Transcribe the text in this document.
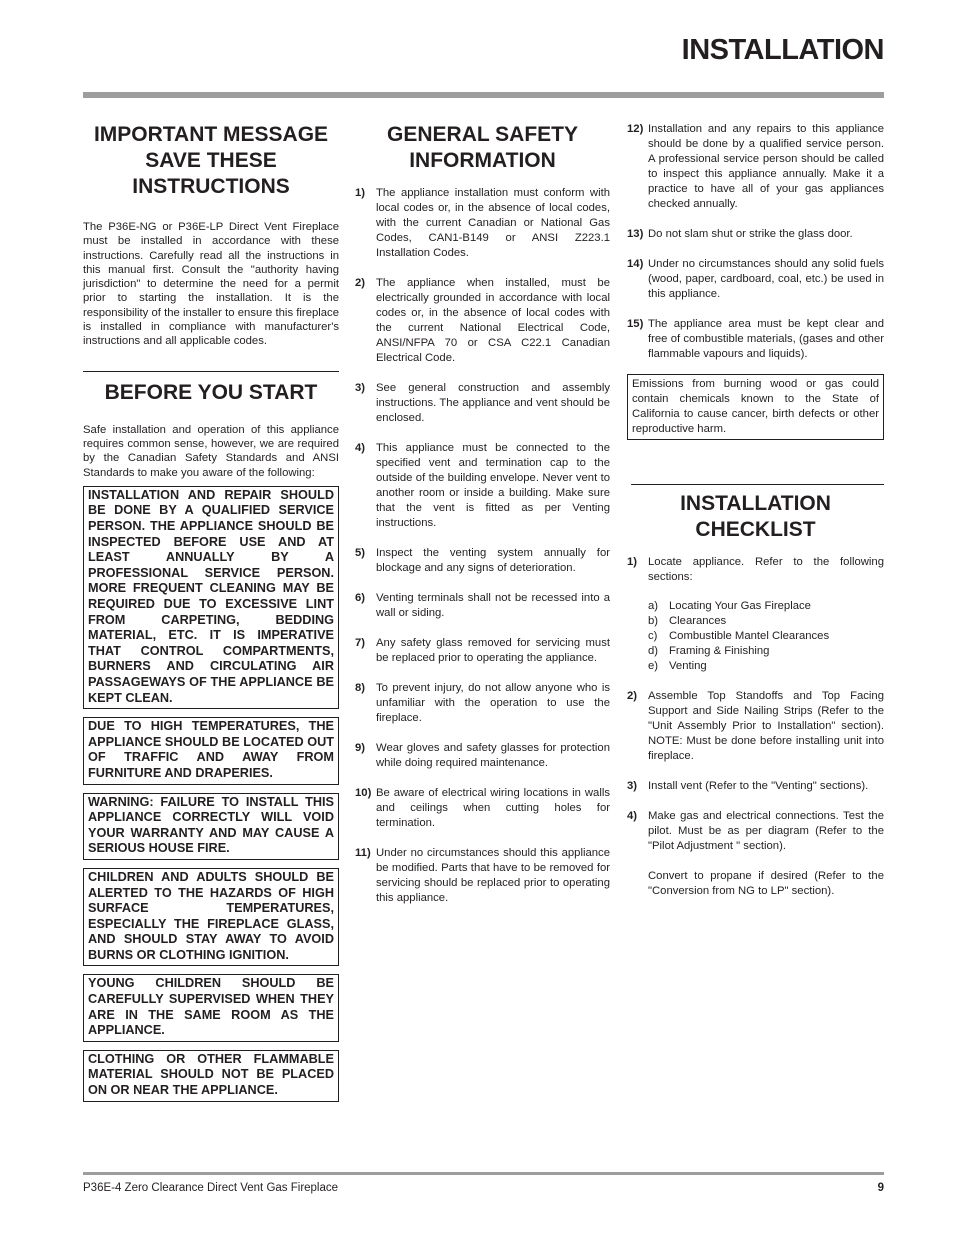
INSTALLATION
IMPORTANT MESSAGE
SAVE THESE
INSTRUCTIONS

The P36E-NG or P36E-LP Direct Vent Fireplace must be installed in accordance with these instructions. Carefully read all the instructions in this manual first. Consult the "authority having jurisdiction" to determine the need for a permit prior to starting the installation. It is the responsibility of the installer to ensure this fireplace is installed in compliance with manufacturer's instructions and all applicable codes.

BEFORE YOU START

Safe installation and operation of this appliance requires common sense, however, we are required by the Canadian Safety Standards and ANSI Standards to make you aware of the following:

INSTALLATION AND REPAIR SHOULD BE DONE BY A QUALIFIED SERVICE PERSON. THE APPLIANCE SHOULD BE INSPECTED BEFORE USE AND AT LEAST ANNUALLY BY A PROFESSIONAL SERVICE PERSON. MORE FREQUENT CLEANING MAY BE REQUIRED DUE TO EXCESSIVE LINT FROM CARPETING, BEDDING MATERIAL, ETC. IT IS IMPERATIVE THAT CONTROL COMPARTMENTS, BURNERS AND CIRCULATING AIR PASSAGEWAYS OF THE APPLIANCE BE KEPT CLEAN.
DUE TO HIGH TEMPERATURES, THE APPLIANCE SHOULD BE LOCATED OUT OF TRAFFIC AND AWAY FROM FURNITURE AND DRAPERIES.
WARNING: FAILURE TO INSTALL THIS APPLIANCE CORRECTLY WILL VOID YOUR WARRANTY AND MAY CAUSE A SERIOUS HOUSE FIRE.
CHILDREN AND ADULTS SHOULD BE ALERTED TO THE HAZARDS OF HIGH SURFACE TEMPERATURES, ESPECIALLY THE FIREPLACE GLASS, AND SHOULD STAY AWAY TO AVOID BURNS OR CLOTHING IGNITION.
YOUNG CHILDREN SHOULD BE CAREFULLY SUPERVISED WHEN THEY ARE IN THE SAME ROOM AS THE APPLIANCE.
CLOTHING OR OTHER FLAMMABLE MATERIAL SHOULD NOT BE PLACED ON OR NEAR THE APPLIANCE.
GENERAL SAFETY
INFORMATION
1) The appliance installation must conform with local codes or, in the absence of local codes, with the current Canadian or National Gas Codes, CAN1-B149 or ANSI Z223.1 Installation Codes.
2) The appliance when installed, must be electrically grounded in accordance with local codes or, in the absence of local codes with the current National Electrical Code, ANSI/NFPA 70 or CSA C22.1 Canadian Electrical Code.
3) See general construction and assembly instructions. The appliance and vent should be enclosed.
4) This appliance must be connected to the specified vent and termination cap to the outside of the building envelope. Never vent to another room or inside a building. Make sure that the vent is fitted as per Venting instructions.
5) Inspect the venting system annually for blockage and any signs of deterioration.
6) Venting terminals shall not be recessed into a wall or siding.
7) Any safety glass removed for servicing must be replaced prior to operating the appliance.
8) To prevent injury, do not allow anyone who is unfamiliar with the operation to use the fireplace.
9) Wear gloves and safety glasses for protection while doing required maintenance.
10) Be aware of electrical wiring locations in walls and ceilings when cutting holes for termination.
11) Under no circumstances should this appliance be modified. Parts that have to be removed for servicing should be replaced prior to operating this appliance.
12) Installation and any repairs to this appliance should be done by a qualified service person. A professional service person should be called to inspect this appliance annually. Make it a practice to have all of your gas appliances checked annually.
13) Do not slam shut or strike the glass door.
14) Under no circumstances should any solid fuels (wood, paper, cardboard, coal, etc.) be used in this appliance.
15) The appliance area must be kept clear and free of combustible materials, (gases and other flammable vapours and liquids).
Emissions from burning wood or gas could contain chemicals known to the State of California to cause cancer, birth defects or other reproductive harm.
INSTALLATION
CHECKLIST
1) Locate appliance. Refer to the following sections:
a) Locating Your Gas Fireplace
b) Clearances
c) Combustible Mantel Clearances
d) Framing & Finishing
e) Venting
2) Assemble Top Standoffs and Top Facing Support and Side Nailing Strips (Refer to the "Unit Assembly Prior to Installation" section). NOTE: Must be done before installing unit into fireplace.
3) Install vent (Refer to the "Venting" sections).
4) Make gas and electrical connections. Test the pilot. Must be as per diagram (Refer to the "Pilot Adjustment " section).
Convert to propane if desired (Refer to the "Conversion from NG to LP" section).
P36E-4 Zero Clearance Direct Vent Gas Fireplace	9
